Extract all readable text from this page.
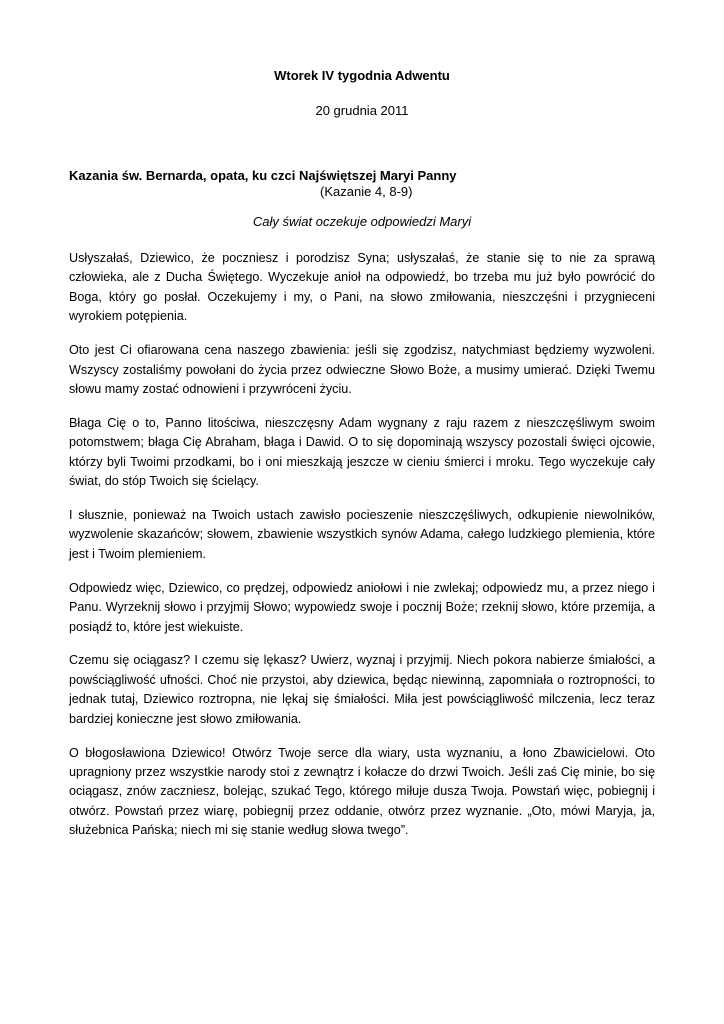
Wtorek IV tygodnia Adwentu
20 grudnia 2011
Kazania św. Bernarda, opata, ku czci Najświętszej Maryi Panny
(Kazanie 4, 8-9)
Cały świat oczekuje odpowiedzi Maryi

Usłyszałaś, Dziewico, że poczniesz i porodzisz Syna; usłyszałaś, że stanie się to nie za sprawą człowieka, ale z Ducha Świętego. Wyczekuje anioł na odpowiedź, bo trzeba mu już było powrócić do Boga, który go posłał. Oczekujemy i my, o Pani, na słowo zmiłowania, nieszczęśni i przygnieceni wyrokiem potępienia.

Oto jest Ci ofiarowana cena naszego zbawienia: jeśli się zgodzisz, natychmiast będziemy wyzwoleni. Wszyscy zostaliśmy powołani do życia przez odwieczne Słowo Boże, a musimy umierać. Dzięki Twemu słowu mamy zostać odnowieni i przywróceni życiu.

Błaga Cię o to, Panno litościwa, nieszczęsny Adam wygnany z raju razem z nieszczęśliwym swoim potomstwem; błaga Cię Abraham, błaga i Dawid. O to się dopominają wszyscy pozostali święci ojcowie, którzy byli Twoimi przodkami, bo i oni mieszkają jeszcze w cieniu śmierci i mroku. Tego wyczekuje cały świat, do stóp Twoich się ścielący.

I słusznie, ponieważ na Twoich ustach zawisło pocieszenie nieszczęśliwych, odkupienie niewolników, wyzwolenie skazańców; słowem, zbawienie wszystkich synów Adama, całego ludzkiego plemienia, które jest i Twoim plemieniem.

Odpowiedz więc, Dziewico, co prędzej, odpowiedz aniołowi i nie zwlekaj; odpowiedz mu, a przez niego i Panu. Wyrzeknij słowo i przyjmij Słowo; wypowiedz swoje i pocznij Boże; rzeknij słowo, które przemija, a posiądź to, które jest wiekuiste.

Czemu się ociągasz? I czemu się lękasz? Uwierz, wyznaj i przyjmij. Niech pokora nabierze śmiałości, a powściągliwość ufności. Choć nie przystoi, aby dziewica, będąc niewinną, zapomniała o roztropności, to jednak tutaj, Dziewico roztropna, nie lękaj się śmiałości. Miła jest powściągliwość milczenia, lecz teraz bardziej konieczne jest słowo zmiłowania.

O błogosławiona Dziewico! Otwórz Twoje serce dla wiary, usta wyznaniu, a łono Zbawicielowi. Oto upragniony przez wszystkie narody stoi z zewnątrz i kołacze do drzwi Twoich. Jeśli zaś Cię minie, bo się ociągasz, znów zaczniesz, bolejąc, szukać Tego, którego miłuje dusza Twoja. Powstań więc, pobiegnij i otwórz. Powstań przez wiarę, pobiegnij przez oddanie, otwórz przez wyznanie. „Oto, mówi Maryja, ja, służebnica Pańska; niech mi się stanie według słowa twego”.
